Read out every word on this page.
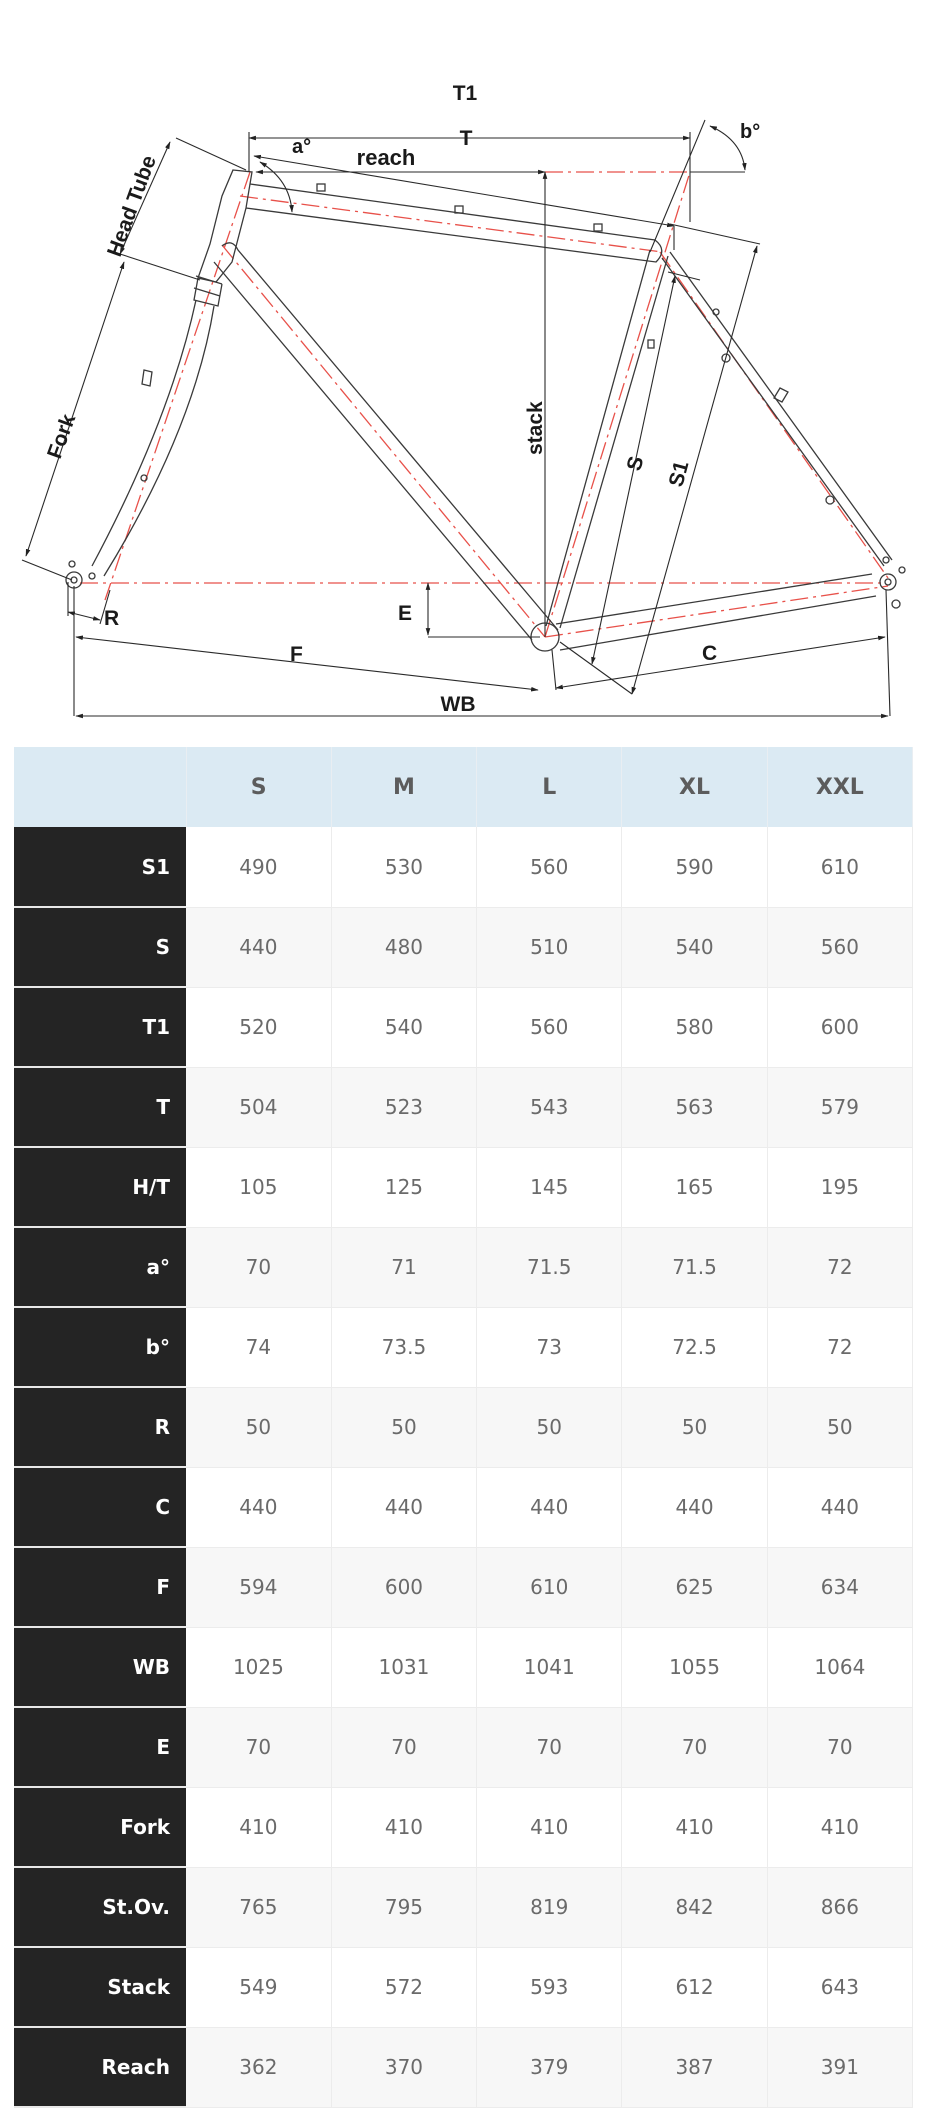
T1
T
a°
b°
reach
Head Tube
Fork	stack
S S1
R	E
F	C
WB
	S	M	L	XL	XXL
S1	490	530	560	590	610
S	440	480	510	540	560
T1	520	540	560	580	600
T	504	523	543	563	579
H/T	105	125	145	165	195
a°	70	71	71.5	71.5	72
b°	74	73.5	73	72.5	72
R	50	50	50	50	50
C	440	440	440	440	440
F	594	600	610	625	634
WB	1025	1031	1041	1055	1064
E	70	70	70	70	70
Fork	410	410	410	410	410
St.Ov.	765	795	819	842	866
Stack	549	572	593	612	643
Reach	362	370	379	387	391
